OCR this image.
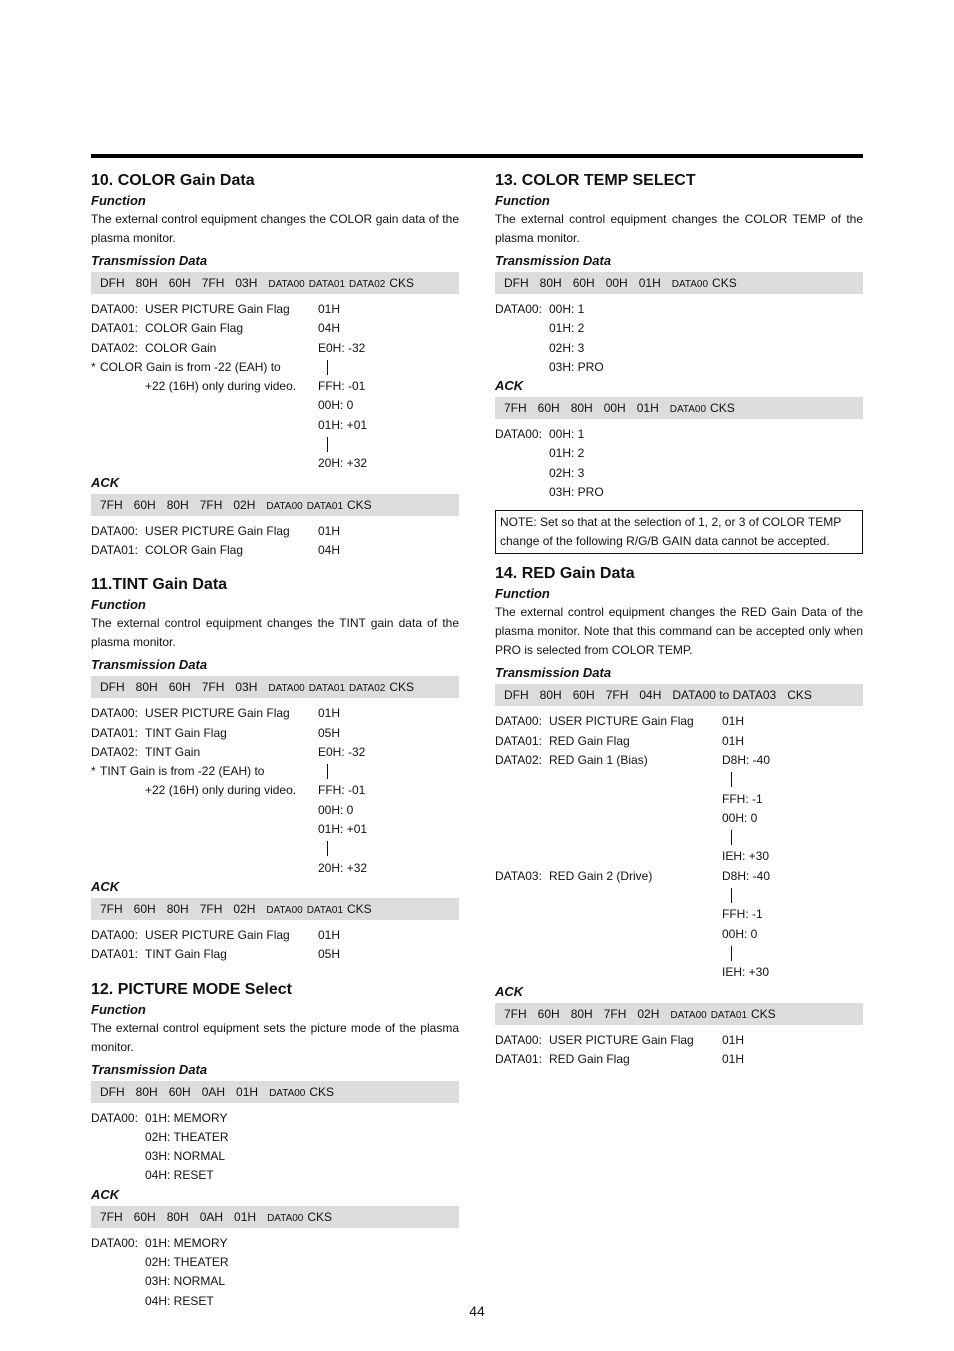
10. COLOR Gain Data
Function

The external control equipment changes the COLOR gain data of the plasma monitor.

Transmission Data
DFH 80H 60H 7FH 03H DATA00 DATA01 DATA02 CKS
DATA00: USER PICTURE Gain Flag 01H
DATA01: COLOR Gain Flag	04H
DATA02: COLOR Gain	E0H: -32
* COLOR Gain is from -22 (EAH) to
+22 (16H) only during video. FFH: -01
00H: 0
01H: +01
20H: +32
ACK
7FH 60H 80H 7FH 02H DATA00 DATA01 CKS
DATA00: USER PICTURE Gain Flag 01H
DATA01: COLOR Gain Flag	04H
11.TINT Gain Data
Function

The external control equipment changes the TINT gain data of the plasma monitor.

Transmission Data
DFH 80H 60H 7FH 03H DATA00 DATA01 DATA02 CKS
DATA00: USER PICTURE Gain Flag 01H
DATA01: TINT Gain Flag	05H
DATA02: TINT Gain	E0H: -32
* TINT Gain is from -22 (EAH) to
+22 (16H) only during video. FFH: -01
00H: 0
01H: +01
20H: +32
ACK
7FH 60H 80H 7FH 02H DATA00 DATA01 CKS
DATA00: USER PICTURE Gain Flag 01H
DATA01: TINT Gain Flag	05H
12. PICTURE MODE Select
Function

The external control equipment sets the picture mode of the plasma monitor.

Transmission Data
DFH 80H 60H 0AH 01H DATA00 CKS
DATA00: 01H: MEMORY
02H: THEATER
03H: NORMAL
04H: RESET
ACK
7FH 60H 80H 0AH 01H DATA00 CKS
DATA00: 01H: MEMORY
02H: THEATER
03H: NORMAL
04H: RESET
13. COLOR TEMP SELECT
Function

The external control equipment changes the COLOR TEMP of the plasma monitor.

Transmission Data
DFH 80H 60H 00H 01H DATA00 CKS
DATA00: 00H: 1
01H: 2
02H: 3
03H: PRO
ACK
7FH 60H 80H 00H 01H DATA00 CKS
DATA00: 00H: 1
01H: 2
02H: 3
03H: PRO
NOTE: Set so that at the selection of 1, 2, or 3 of COLOR TEMP change of the following R/G/B GAIN data cannot be accepted.
14. RED Gain Data
Function

The external control equipment changes the RED Gain Data of the plasma monitor. Note that this command can be accepted only when PRO is selected from COLOR TEMP.

Transmission Data
DFH 80H 60H 7FH 04H DATA00 to DATA03 CKS
DATA00: USER PICTURE Gain Flag 01H
DATA01: RED Gain Flag	01H
DATA02: RED Gain 1 (Bias)	D8H: -40
FFH: -1
00H: 0
IEH: +30
DATA03: RED Gain 2 (Drive)	D8H: -40
FFH: -1
00H: 0
IEH: +30
ACK
7FH 60H 80H 7FH 02H DATA00 DATA01 CKS
DATA00: USER PICTURE Gain Flag 01H
DATA01: RED Gain Flag	01H
44
